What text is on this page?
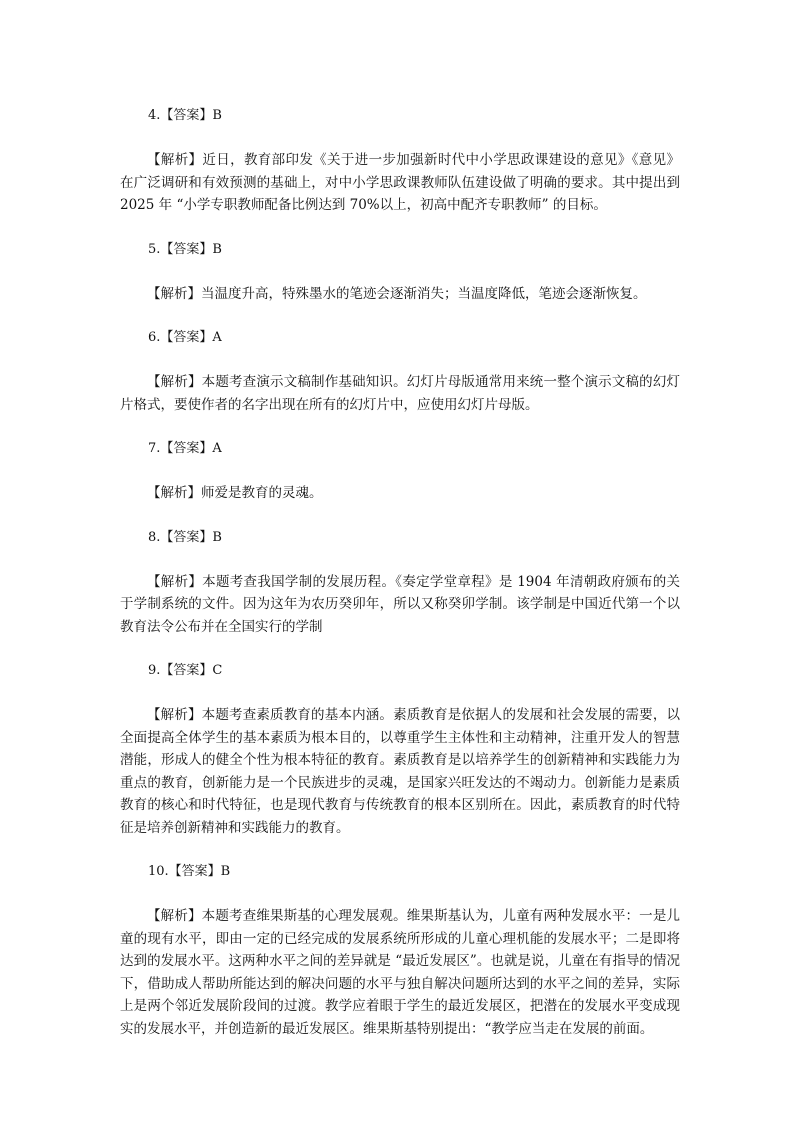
4.【答案】B

【解析】近日，教育部印发《关于进一步加强新时代中小学思政课建设的意见》《意见》在广泛调研和有效预测的基础上，对中小学思政课教师队伍建设做了明确的要求。其中提出到 2025 年 “小学专职教师配备比例达到 70%以上，初高中配齐专职教师” 的目标。

5.【答案】B

【解析】当温度升高，特殊墨水的笔迹会逐渐消失；当温度降低，笔迹会逐渐恢复。

6.【答案】A

【解析】本题考查演示文稿制作基础知识。幻灯片母版通常用来统一整个演示文稿的幻灯片格式，要使作者的名字出现在所有的幻灯片中，应使用幻灯片母版。

7.【答案】A

【解析】师爱是教育的灵魂。

8.【答案】B

【解析】本题考查我国学制的发展历程。《奏定学堂章程》是 1904 年清朝政府颁布的关于学制系统的文件。因为这年为农历癸卯年，所以又称癸卯学制。该学制是中国近代第一个以教育法令公布并在全国实行的学制

9.【答案】C

【解析】本题考查素质教育的基本内涵。素质教育是依据人的发展和社会发展的需要，以全面提高全体学生的基本素质为根本目的，以尊重学生主体性和主动精神，注重开发人的智慧潜能，形成人的健全个性为根本特征的教育。素质教育是以培养学生的创新精神和实践能力为重点的教育，创新能力是一个民族进步的灵魂，是国家兴旺发达的不竭动力。创新能力是素质教育的核心和时代特征，也是现代教育与传统教育的根本区别所在。因此，素质教育的时代特征是培养创新精神和实践能力的教育。

10.【答案】B

【解析】本题考查维果斯基的心理发展观。维果斯基认为，儿童有两种发展水平：一是儿童的现有水平，即由一定的已经完成的发展系统所形成的儿童心理机能的发展水平；二是即将达到的发展水平。这两种水平之间的差异就是 “最近发展区”。也就是说，儿童在有指导的情况下，借助成人帮助所能达到的解决问题的水平与独自解决问题所达到的水平之间的差异，实际上是两个邻近发展阶段间的过渡。教学应着眼于学生的最近发展区，把潜在的发展水平变成现实的发展水平，并创造新的最近发展区。维果斯基特别提出：“教学应当走在发展的前面。
